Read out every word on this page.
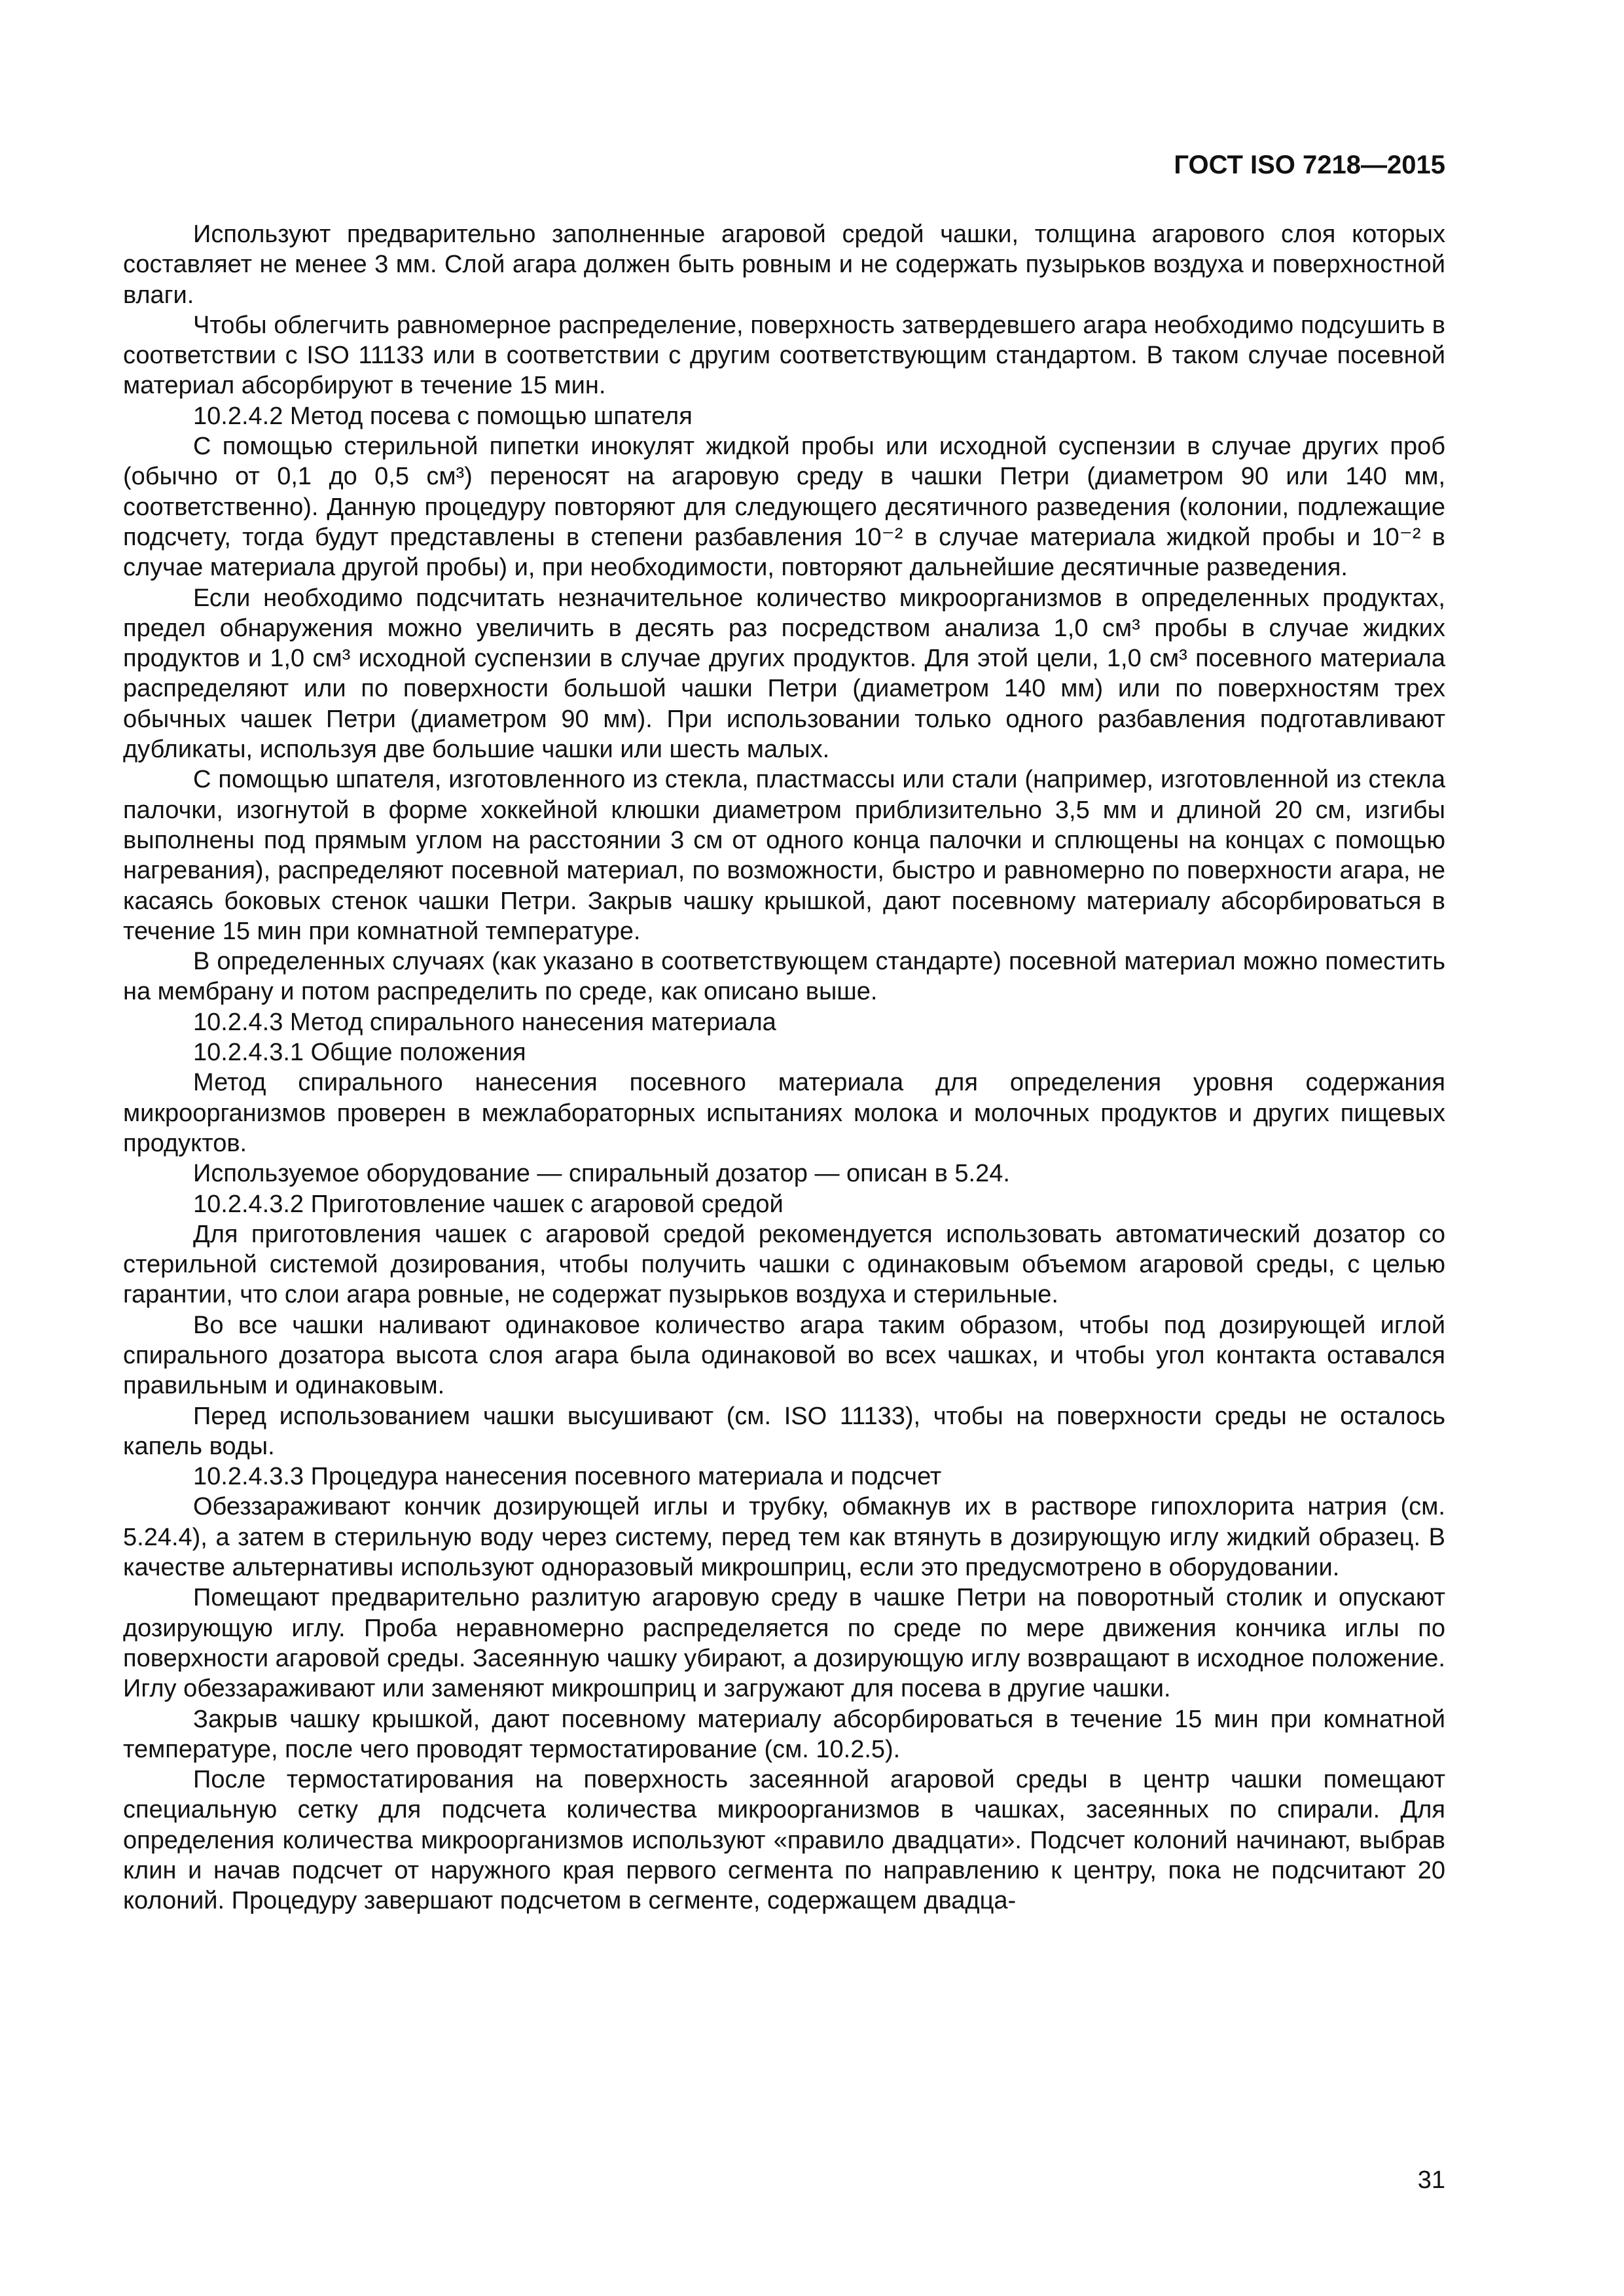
ГОСТ ISO 7218—2015

Используют предварительно заполненные агаровой средой чашки, толщина агарового слоя которых составляет не менее 3 мм. Слой агара должен быть ровным и не содержать пузырьков воздуха и поверхностной влаги.

Чтобы облегчить равномерное распределение, поверхность затвердевшего агара необходимо подсушить в соответствии с ISO 11133 или в соответствии с другим соответствующим стандартом. В таком случае посевной материал абсорбируют в течение 15 мин.

10.2.4.2 Метод посева с помощью шпателя

С помощью стерильной пипетки инокулят жидкой пробы или исходной суспензии в случае других проб (обычно от 0,1 до 0,5 см³) переносят на агаровую среду в чашки Петри (диаметром 90 или 140 мм, соответственно). Данную процедуру повторяют для следующего десятичного разведения (колонии, подлежащие подсчету, тогда будут представлены в степени разбавления 10⁻² в случае материала жидкой пробы и 10⁻² в случае материала другой пробы) и, при необходимости, повторяют дальнейшие десятичные разведения.

Если необходимо подсчитать незначительное количество микроорганизмов в определенных продуктах, предел обнаружения можно увеличить в десять раз посредством анализа 1,0 см³ пробы в случае жидких продуктов и 1,0 см³ исходной суспензии в случае других продуктов. Для этой цели, 1,0 см³ посевного материала распределяют или по поверхности большой чашки Петри (диаметром 140 мм) или по поверхностям трех обычных чашек Петри (диаметром 90 мм). При использовании только одного разбавления подготавливают дубликаты, используя две большие чашки или шесть малых.

С помощью шпателя, изготовленного из стекла, пластмассы или стали (например, изготовленной из стекла палочки, изогнутой в форме хоккейной клюшки диаметром приблизительно 3,5 мм и длиной 20 см, изгибы выполнены под прямым углом на расстоянии 3 см от одного конца палочки и сплющены на концах с помощью нагревания), распределяют посевной материал, по возможности, быстро и равномерно по поверхности агара, не касаясь боковых стенок чашки Петри. Закрыв чашку крышкой, дают посевному материалу абсорбироваться в течение 15 мин при комнатной температуре.

В определенных случаях (как указано в соответствующем стандарте) посевной материал можно поместить на мембрану и потом распределить по среде, как описано выше.

10.2.4.3 Метод спирального нанесения материала

10.2.4.3.1 Общие положения

Метод спирального нанесения посевного материала для определения уровня содержания микроорганизмов проверен в межлабораторных испытаниях молока и молочных продуктов и других пищевых продуктов.

Используемое оборудование — спиральный дозатор — описан в 5.24.

10.2.4.3.2 Приготовление чашек с агаровой средой

Для приготовления чашек с агаровой средой рекомендуется использовать автоматический дозатор со стерильной системой дозирования, чтобы получить чашки с одинаковым объемом агаровой среды, с целью гарантии, что слои агара ровные, не содержат пузырьков воздуха и стерильные.

Во все чашки наливают одинаковое количество агара таким образом, чтобы под дозирующей иглой спирального дозатора высота слоя агара была одинаковой во всех чашках, и чтобы угол контакта оставался правильным и одинаковым.

Перед использованием чашки высушивают (см. ISO 11133), чтобы на поверхности среды не осталось капель воды.

10.2.4.3.3 Процедура нанесения посевного материала и подсчет

Обеззараживают кончик дозирующей иглы и трубку, обмакнув их в растворе гипохлорита натрия (см. 5.24.4), а затем в стерильную воду через систему, перед тем как втянуть в дозирующую иглу жидкий образец. В качестве альтернативы используют одноразовый микрошприц, если это предусмотрено в оборудовании.

Помещают предварительно разлитую агаровую среду в чашке Петри на поворотный столик и опускают дозирующую иглу. Проба неравномерно распределяется по среде по мере движения кончика иглы по поверхности агаровой среды. Засеянную чашку убирают, а дозирующую иглу возвращают в исходное положение. Иглу обеззараживают или заменяют микрошприц и загружают для посева в другие чашки.

Закрыв чашку крышкой, дают посевному материалу абсорбироваться в течение 15 мин при комнатной температуре, после чего проводят термостатирование (см. 10.2.5).

После термостатирования на поверхность засеянной агаровой среды в центр чашки помещают специальную сетку для подсчета количества микроорганизмов в чашках, засеянных по спирали. Для определения количества микроорганизмов используют «правило двадцати». Подсчет колоний начинают, выбрав клин и начав подсчет от наружного края первого сегмента по направлению к центру, пока не подсчитают 20 колоний. Процедуру завершают подсчетом в сегменте, содержащем двадца-

31
